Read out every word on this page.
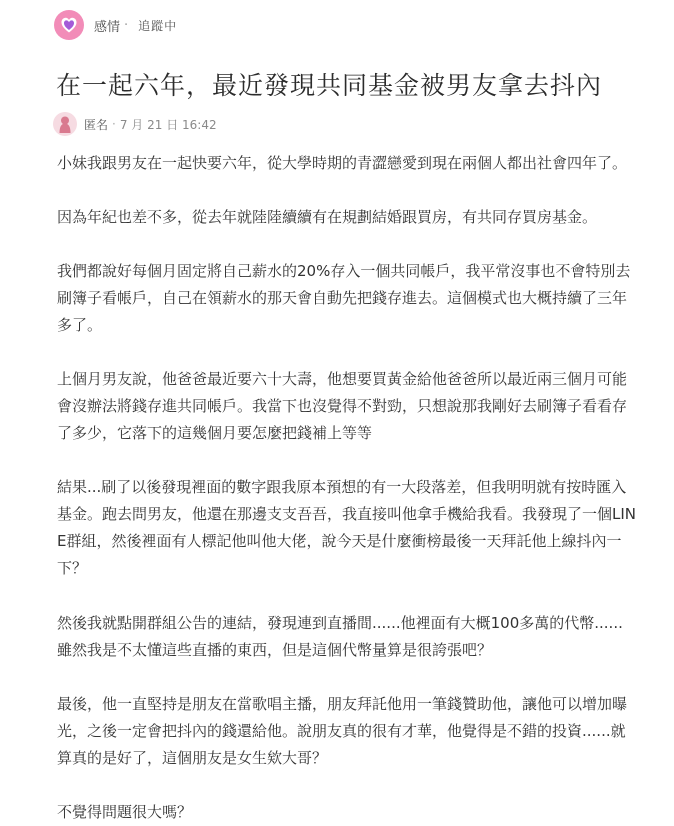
感情 · 追蹤中
在一起六年，最近發現共同基金被男友拿去抖內
匿名 · 7 月 21 日 16:42

小妹我跟男友在一起快要六年，從大學時期的青澀戀愛到現在兩個人都出社會四年了。

因為年紀也差不多，從去年就陸陸續續有在規劃結婚跟買房，有共同存買房基金。

我們都說好每個月固定將自己薪水的20%存入一個共同帳戶，我平常沒事也不會特別去刷簿子看帳戶，自己在領薪水的那天會自動先把錢存進去。這個模式也大概持續了三年多了。

上個月男友說，他爸爸最近要六十大壽，他想要買黃金給他爸爸所以最近兩三個月可能會沒辦法將錢存進共同帳戶。我當下也沒覺得不對勁，只想說那我剛好去刷簿子看看存了多少，它落下的這幾個月要怎麼把錢補上等等

結果...刷了以後發現裡面的數字跟我原本預想的有一大段落差，但我明明就有按時匯入基金。跑去問男友，他還在那邊支支吾吾，我直接叫他拿手機給我看。我發現了一個LINE群組，然後裡面有人標記他叫他大佬，說今天是什麼衝榜最後一天拜託他上線抖內一下？

然後我就點開群組公告的連結，發現連到直播間......他裡面有大概100多萬的代幣......雖然我是不太懂這些直播的東西，但是這個代幣量算是很誇張吧？

最後，他一直堅持是朋友在當歌唱主播，朋友拜託他用一筆錢贊助他，讓他可以增加曝光，之後一定會把抖內的錢還給他。說朋友真的很有才華，他覺得是不錯的投資......就算真的是好了，這個朋友是女生欸大哥？

不覺得問題很大嗎？
